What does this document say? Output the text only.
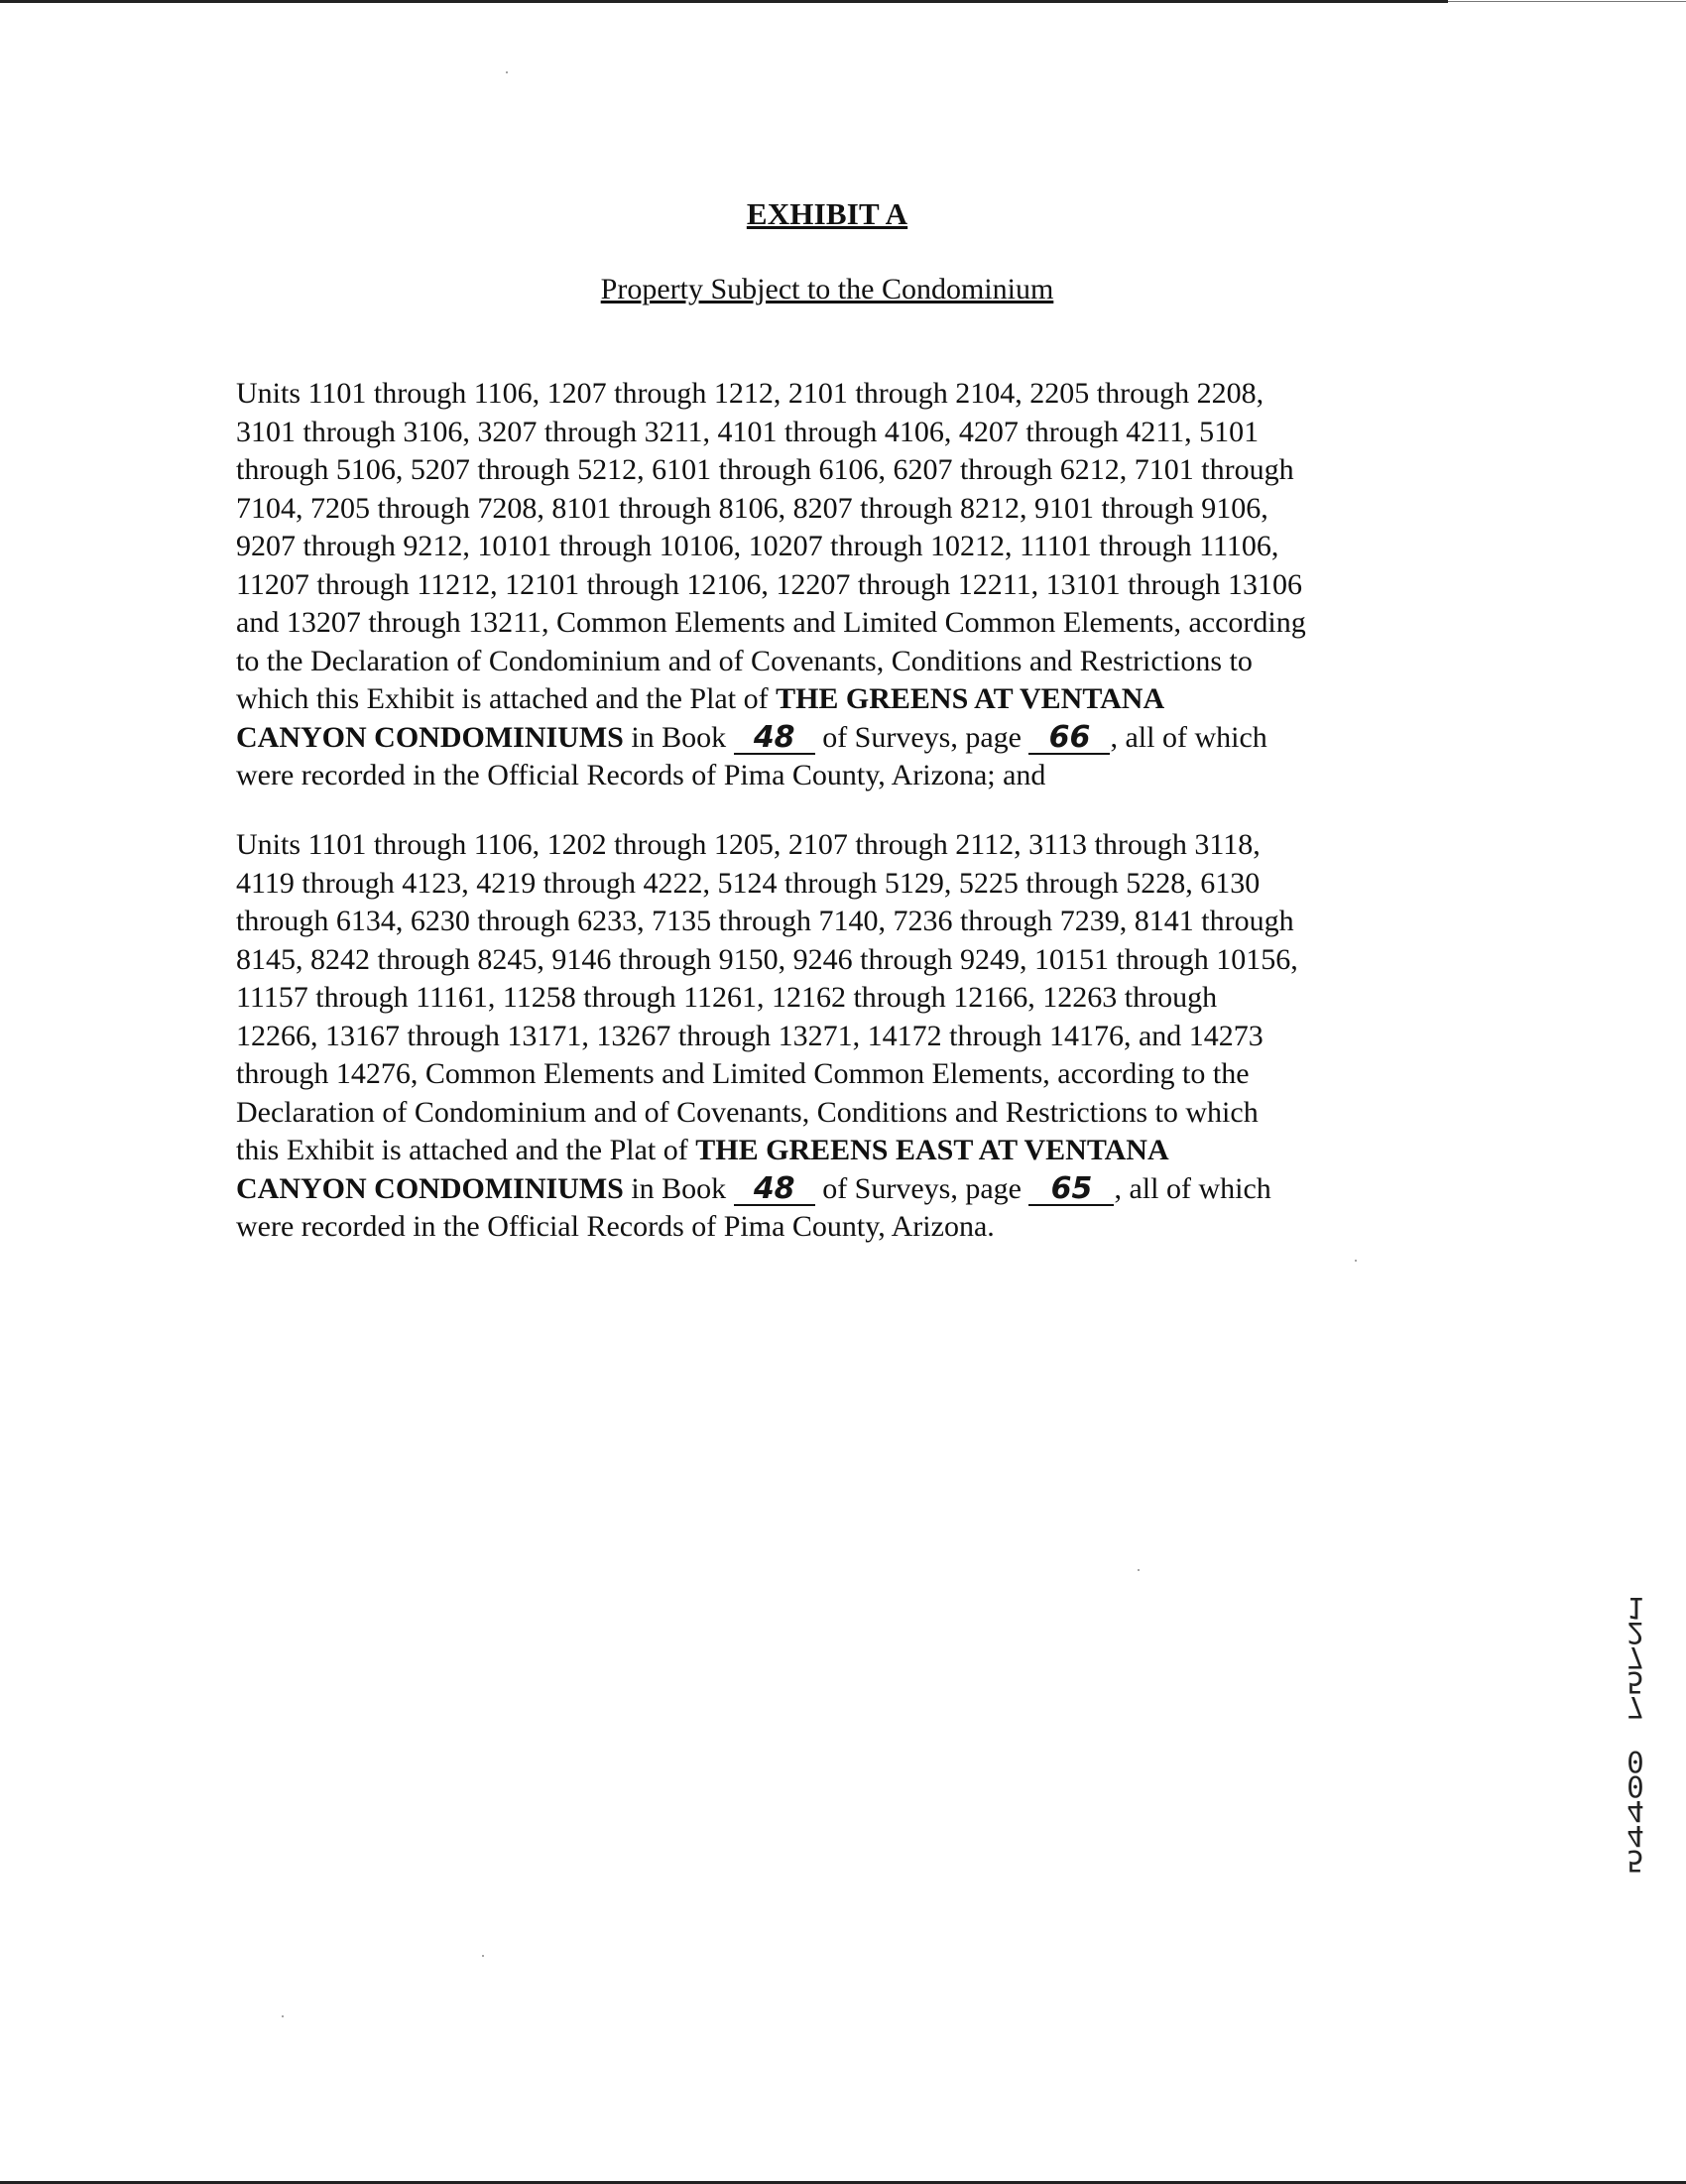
EXHIBIT A
Property Subject to the Condominium
Units 1101 through 1106, 1207 through 1212, 2101 through 2104, 2205 through 2208,
3101 through 3106, 3207 through 3211, 4101 through 4106, 4207 through 4211, 5101
through 5106, 5207 through 5212, 6101 through 6106, 6207 through 6212, 7101 through
7104, 7205 through 7208, 8101 through 8106, 8207 through 8212, 9101 through 9106,
9207 through 9212, 10101 through 10106, 10207 through 10212, 11101 through 11106,
11207 through 11212, 12101 through 12106, 12207 through 12211, 13101 through 13106
and 13207 through 13211, Common Elements and Limited Common Elements, according
to the Declaration of Condominium and of Covenants, Conditions and Restrictions to
which this Exhibit is attached and the Plat of THE GREENS AT VENTANA
CANYON CONDOMINIUMS in Book 48 of Surveys, page 66 , all of which
were recorded in the Official Records of Pima County, Arizona; and
Units 1101 through 1106, 1202 through 1205, 2107 through 2112, 3113 through 3118,
4119 through 4123, 4219 through 4222, 5124 through 5129, 5225 through 5228, 6130
through 6134, 6230 through 6233, 7135 through 7140, 7236 through 7239, 8141 through
8145, 8242 through 8245, 9146 through 9150, 9246 through 9249, 10151 through 10156,
11157 through 11161, 11258 through 11261, 12162 through 12166, 12263 through
12266, 13167 through 13171, 13267 through 13271, 14172 through 14176, and 14273
through 14276, Common Elements and Limited Common Elements, according to the
Declaration of Condominium and of Covenants, Conditions and Restrictions to which
this Exhibit is attached and the Plat of THE GREENS EAST AT VENTANA
CANYON CONDOMINIUMS in Book 48 of Surveys, page 65 , all of which
were recorded in the Official Records of Pima County, Arizona.
1
2
7
5
7
0
0
4
4
5
